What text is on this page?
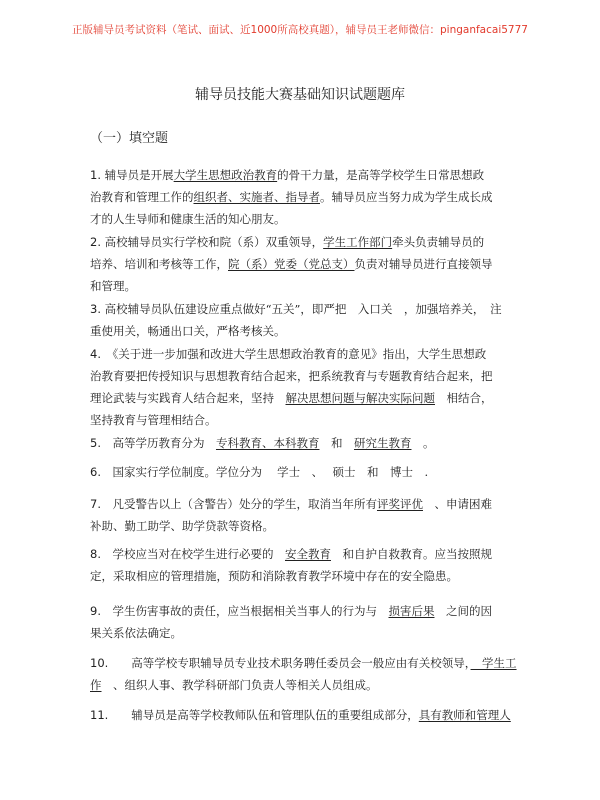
正版辅导员考试资料（笔试、面试、近1000所高校真题），辅导员王老师微信：pinganfacai5777
辅导员技能大赛基础知识试题题库
（一）填空题
1. 辅导员是开展大学生思想政治教育的骨干力量，是高等学校学生日常思想政
治教育和管理工作的组织者、实施者、指导者。辅导员应当努力成为学生成长成
才的人生导师和健康生活的知心朋友。
2. 高校辅导员实行学校和院（系）双重领导，学生工作部门牵头负责辅导员的
培养、培训和考核等工作，院（系）党委（党总支）负责对辅导员进行直接领导
和管理。
3. 高校辅导员队伍建设应重点做好“五关”，即严把　入口关　，加强培养关，　注
重使用关，畅通出口关，严格考核关。
4.　《关于进一步加强和改进大学生思想政治教育的意见》指出，大学生思想政
治教育要把传授知识与思想教育结合起来，把系统教育与专题教育结合起来，把
理论武装与实践育人结合起来，坚持　解决思想问题与解决实际问题　相结合，
坚持教育与管理相结合。
5.　高等学历教育分为　专科教育、本科教育　和　研究生教育　。
6.　国家实行学位制度。学位分为　 学士　、　 硕士　和　博士　.
7.　凡受警告以上（含警告）处分的学生，取消当年所有评奖评优　、申请困难
补助、勤工助学、助学贷款等资格。
8.　学校应当对在校学生进行必要的　安全教育　和自护自救教育。应当按照规
定，采取相应的管理措施，预防和消除教育教学环境中存在的安全隐患。
9.　学生伤害事故的责任，应当根据相关当事人的行为与　损害后果　之间的因
果关系依法确定。
10.　　高等学校专职辅导员专业技术职务聘任委员会一般应由有关校领导，　学生工
作　、组织人事、教学科研部门负责人等相关人员组成。
11.　　辅导员是高等学校教师队伍和管理队伍的重要组成部分，具有教师和管理人
